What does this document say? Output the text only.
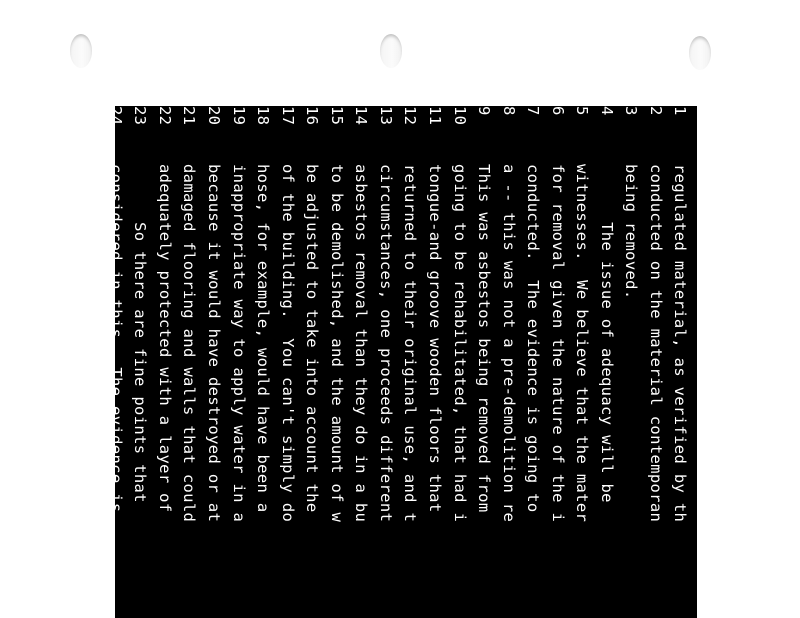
1regulated material, as verified by th
2conducted on the material contemporan
3being removed.
4      The issue of adequacy will be
5witnesses.  We believe that the mater
6for removal given the nature of the i
7conducted.  The evidence is going to
8a -- this was not a pre-demolition re
9This was asbestos being removed from
10going to be rehabilitated, that had i
11tongue-and groove wooden floors that
12returned to their original use, and t
13circumstances, one proceeds different
14asbestos removal than they do in a bu
15to be demolished, and the amount of w
16be adjusted to take into account the
17of the building.  You can't simply do
18hose, for example, would have been a
19inappropriate way to apply water in a
20because it would have destroyed or at
21damaged flooring and walls that could
22adequately protected with a layer of
23      So there are fine points that
24considered in this.  The evidence is
